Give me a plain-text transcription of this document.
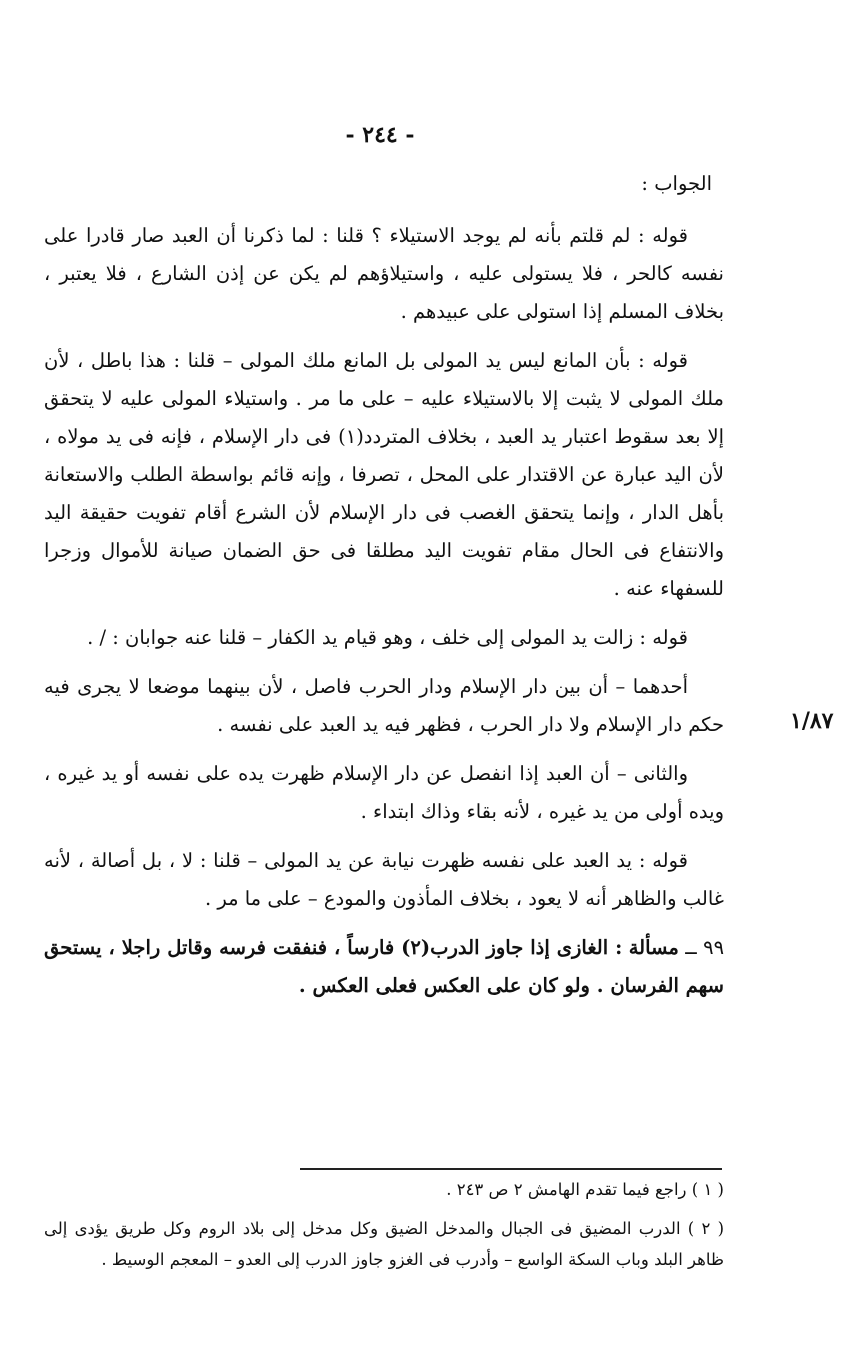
- ٢٤٤ -
١/٨٧

الجواب :

قوله : لم قلتم بأنه لم يوجد الاستيلاء ؟ قلنا : لما ذكرنا أن العبد صار قادرا على نفسه كالحر ، فلا يستولى عليه ، واستيلاؤهم لم يكن عن إذن الشارع ، فلا يعتبر ، بخلاف المسلم إذا استولى على عبيدهم .

قوله : بأن المانع ليس يد المولى بل المانع ملك المولى – قلنا : هذا باطل ، لأن ملك المولى لا يثبت إلا بالاستيلاء عليه – على ما مر . واستيلاء المولى عليه لا يتحقق إلا بعد سقوط اعتبار يد العبد ، بخلاف المتردد(١) فى دار الإسلام ، فإنه فى يد مولاه ، لأن اليد عبارة عن الاقتدار على المحل ، تصرفا ، وإنه قائم بواسطة الطلب والاستعانة بأهل الدار ، وإنما يتحقق الغصب فى دار الإسلام لأن الشرع أقام تفويت حقيقة اليد والانتفاع فى الحال مقام تفويت اليد مطلقا فى حق الضمان صيانة للأموال وزجرا للسفهاء عنه .

قوله : زالت يد المولى إلى خلف ، وهو قيام يد الكفار – قلنا عنه جوابان : / .

أحدهما – أن بين دار الإسلام ودار الحرب فاصل ، لأن بينهما موضعا لا يجرى فيه حكم دار الإسلام ولا دار الحرب ، فظهر فيه يد العبد على نفسه .

والثانى – أن العبد إذا انفصل عن دار الإسلام ظهرت يده على نفسه أو يد غيره ، ويده أولى من يد غيره ، لأنه بقاء وذاك ابتداء .

قوله : يد العبد على نفسه ظهرت نيابة عن يد المولى – قلنا : لا ، بل أصالة ، لأنه غالب والظاهر أنه لا يعود ، بخلاف المأذون والمودع – على ما مر .

٩٩ ــ مسألة : الغازى إذا جاوز الدرب(٢) فارساً ، فنفقت فرسه وقاتل راجلا ، يستحق سهم الفرسان . ولو كان على العكس فعلى العكس .

( ١ ) راجع فيما تقدم الهامش ٢ ص ٢٤٣ .

( ٢ ) الدرب المضيق فى الجبال والمدخل الضيق وكل مدخل إلى بلاد الروم وكل طريق يؤدى إلى ظاهر البلد وباب السكة الواسع – وأدرب فى الغزو جاوز الدرب إلى العدو – المعجم الوسيط .
